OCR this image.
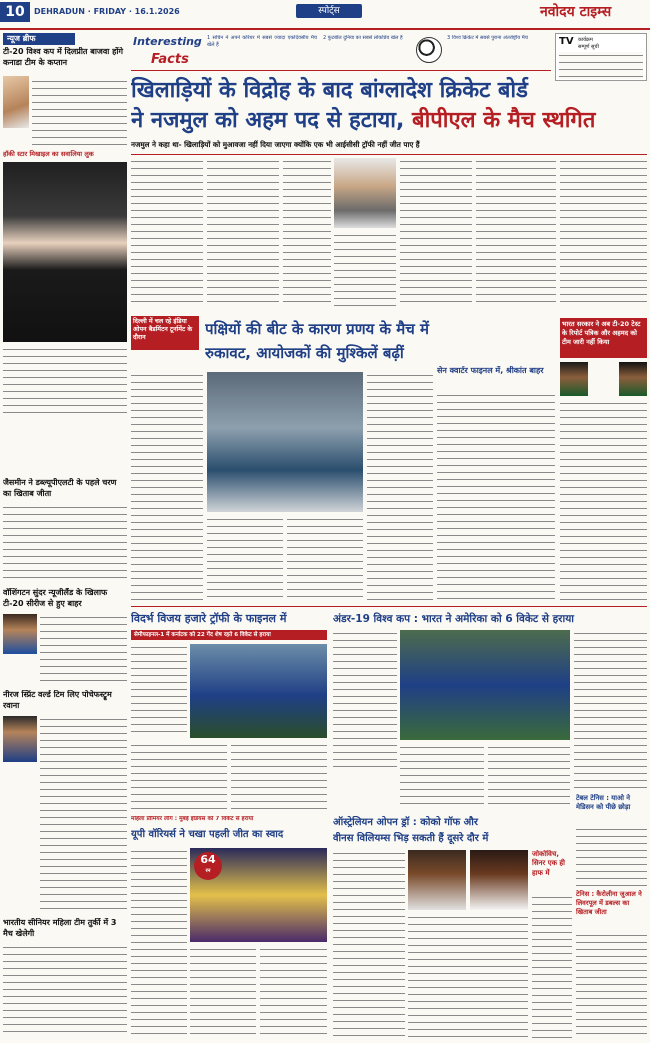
10	DEHRADUN · FRIDAY · 16.1.2026	स्पोर्ट्स	नवोदय टाइम्स
न्यूज ब्रीफ
टी-20 विश्व कप में दिलप्रीत बाजवा होंगे कनाडा टीम के कप्तान
हॉकी स्टार मिखाइल का सवालिया लुक
जैसमीन ने डब्ल्यूपीएलटी के पहले चरण का खिताब जीता
वॉशिंगटन सुंदर न्यूजीलैंड के खिलाफ टी-20 सीरीज से हुए बाहर
नीरज स्प्रिंट वर्ल्ड टिम लिए पोचेफस्ट्रूम रवाना
भारतीय सीनियर महिला टीम तुर्की में 3 मैच खेलेगी
Interesting
Facts
1 सचिन ने अपने करियर में सबसे ज्यादा एकदिवसीय मैच खेले हैं
2 फुटबॉल दुनिया का सबसे लोकप्रिय खेल है	3 विश्व क्रिकेट में सबसे पुराना अंतर्राष्ट्रीय मैच	TV कार्यक्रम
सम्पूर्ण सूची
खिलाड़ियों के विद्रोह के बाद बांग्लादेश क्रिकेट बोर्ड
ने नजमुल को अहम पद से हटाया, बीपीएल के मैच स्थगित
नजमुल ने कहा था- खिलाड़ियों को मुआवजा नहीं दिया जाएगा क्योंकि एक भी आईसीसी ट्रॉफी नहीं जीत पाए हैं
दिल्ली में चल रहे इंडिया ओपन बैडमिंटन टूर्नामेंट के दौरान	पक्षियों की बीट के कारण प्रणय के मैच में
रुकावट, आयोजकों की मुश्किलें बढ़ीं
सेन क्वार्टर फाइनल में, श्रीकांत बाहर
भारत सरकार ने अब टी-20 टेस्ट के रिपोर्ट पत्रिक और अहमद को टीम जारी नहीं किया
विदर्भ विजय हजारे ट्रॉफी के फाइनल में
सेमीफाइनल-1 में कर्नाटक को 22 गेंद शेष रहते 6 विकेट से हराया
अंडर-19 विश्व कप : भारत ने अमेरिका को 6 विकेट से हराया
महिला प्रीमियर लीग : मुंबई इंडियंस को 7 विकेट से हराया
यूपी वॉरियर्स ने चखा पहली जीत का स्वाद
64
रन
ऑस्ट्रेलियन ओपन ड्रॉ : कोको गॉफ और
वीनस विलियम्स भिड़ सकती हैं दूसरे दौर में
जोकोविच, सिनर एक ही हाफ में
टेबल टेनिस : याओ ने मेडिसन को पीछे छोड़ा
टेनिस : कैरोलीना जुआल ने लिवरपूल में डबल्स का खिताब जीता
